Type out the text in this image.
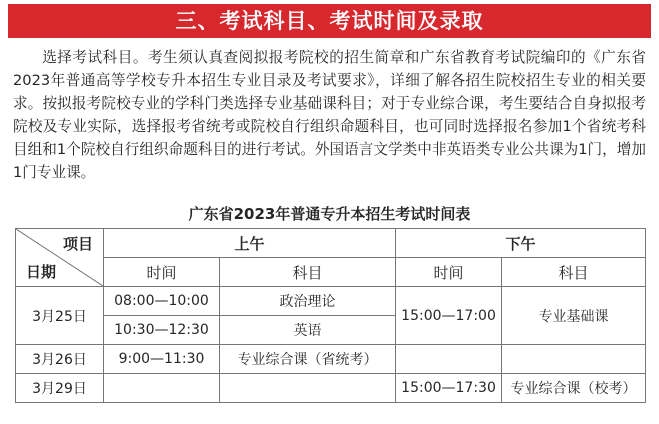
三、考试科目、考试时间及录取

选择考试科目。考生须认真查阅拟报考院校的招生简章和广东省教育考试院编印的《广东省2023年普通高等学校专升本招生专业目录及考试要求》，详细了解各招生院校招生专业的相关要求。按拟报考院校专业的学科门类选择专业基础课科目；对于专业综合课，考生要结合自身拟报考院校及专业实际，选择报考省统考或院校自行组织命题科目，也可同时选择报名参加1个省统考科目组和1个院校自行组织命题科目的进行考试。外国语言文学类中非英语类专业公共课为1门，增加1门专业课。

广东省2023年普通专升本招生考试时间表
项目
日期	上午		下午	
	时间	科目	时间	科目
3月25日	08:00—10:00	政治理论	15:00—17:00	专业基础课
	10:30—12:30	英语		
3月26日	9:00—11:30	专业综合课（省统考）		
3月29日			15:00—17:30	专业综合课（校考）
